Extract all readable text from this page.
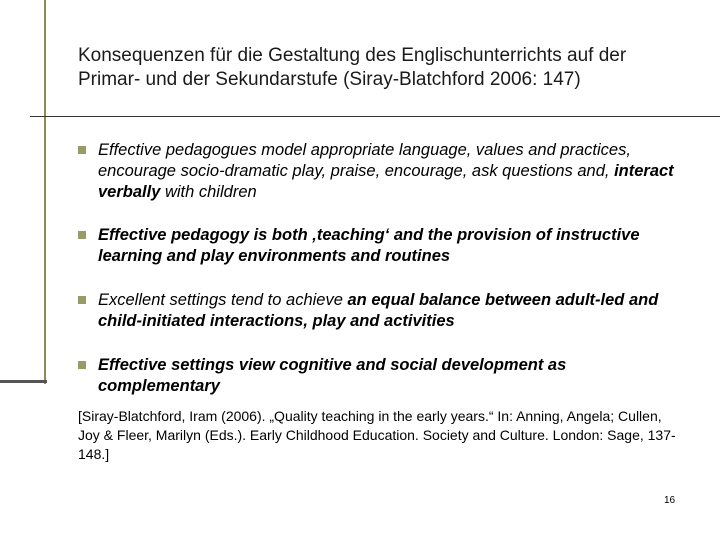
Konsequenzen für die Gestaltung des Englischunterrichts auf der
Primar- und der Sekundarstufe (Siray-Blatchford 2006: 147)
Effective pedagogues model appropriate language, values and practices, encourage socio-dramatic play, praise, encourage, ask questions and, interact verbally with children
Effective pedagogy is both ‚teaching‘ and the provision of instructive learning and play environments and routines
Excellent settings tend to achieve an equal balance between adult-led and child-initiated interactions, play and activities
Effective settings view cognitive and social development as complementary
[Siray-Blatchford, Iram (2006). „Quality teaching in the early years.“ In: Anning, Angela; Cullen, Joy & Fleer, Marilyn (Eds.). Early Childhood Education. Society and Culture. London: Sage, 137-148.]
16
